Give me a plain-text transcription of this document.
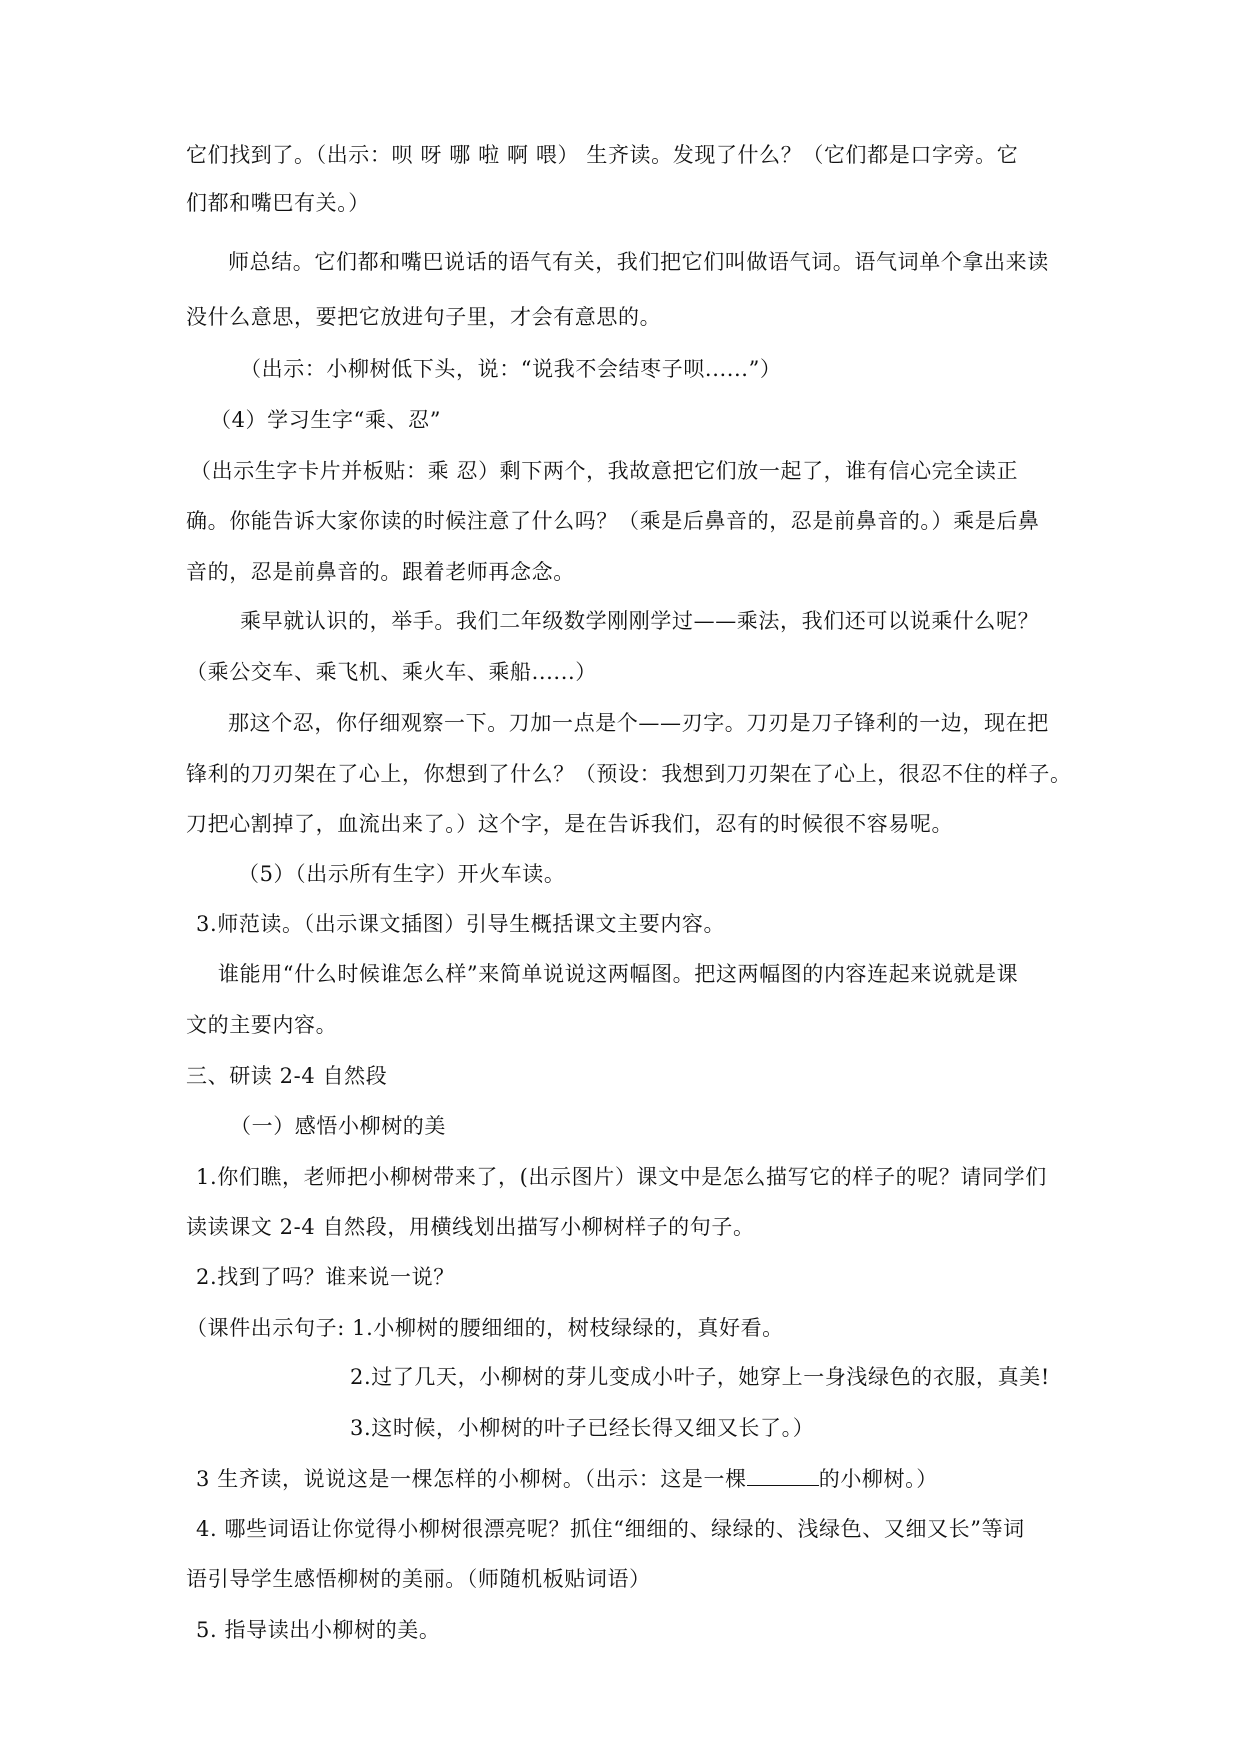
它们找到了。（出示：呗 呀 哪 啦 啊 喂） 生齐读。发现了什么？（它们都是口字旁。它
们都和嘴巴有关。）
师总结。它们都和嘴巴说话的语气有关，我们把它们叫做语气词。语气词单个拿出来读
没什么意思，要把它放进句子里，才会有意思的。
（出示：小柳树低下头，说：“说我不会结枣子呗......”）
（4）学习生字“乘、忍”
（出示生字卡片并板贴：乘 忍）剩下两个，我故意把它们放一起了，谁有信心完全读正
确。你能告诉大家你读的时候注意了什么吗？（乘是后鼻音的，忍是前鼻音的。）乘是后鼻
音的，忍是前鼻音的。跟着老师再念念。
乘早就认识的，举手。我们二年级数学刚刚学过——乘法，我们还可以说乘什么呢？
（乘公交车、乘飞机、乘火车、乘船......）
那这个忍，你仔细观察一下。刀加一点是个——刃字。刀刃是刀子锋利的一边，现在把
锋利的刀刃架在了心上，你想到了什么？（预设：我想到刀刃架在了心上，很忍不住的样子。
刀把心割掉了，血流出来了。）这个字，是在告诉我们，忍有的时候很不容易呢。
（5）（出示所有生字）开火车读。
3.师范读。（出示课文插图）引导生概括课文主要内容。
谁能用“什么时候谁怎么样”来简单说说这两幅图。把这两幅图的内容连起来说就是课
文的主要内容。
三、研读 2-4 自然段
（一）感悟小柳树的美
1.你们瞧，老师把小柳树带来了，(出示图片）课文中是怎么描写它的样子的呢？请同学们
读读课文 2-4 自然段，用横线划出描写小柳树样子的句子。
2.找到了吗？谁来说一说？
（课件出示句子: 1.小柳树的腰细细的，树枝绿绿的，真好看。
2.过了几天，小柳树的芽儿变成小叶子，她穿上一身浅绿色的衣服，真美!
3.这时候，小柳树的叶子已经长得又细又长了。）
3 生齐读，说说这是一棵怎样的小柳树。（出示：这是一棵	的小柳树。）
4. 哪些词语让你觉得小柳树很漂亮呢？抓住“细细的、绿绿的、浅绿色、又细又长”等词
语引导学生感悟柳树的美丽。（师随机板贴词语）
5. 指导读出小柳树的美。
